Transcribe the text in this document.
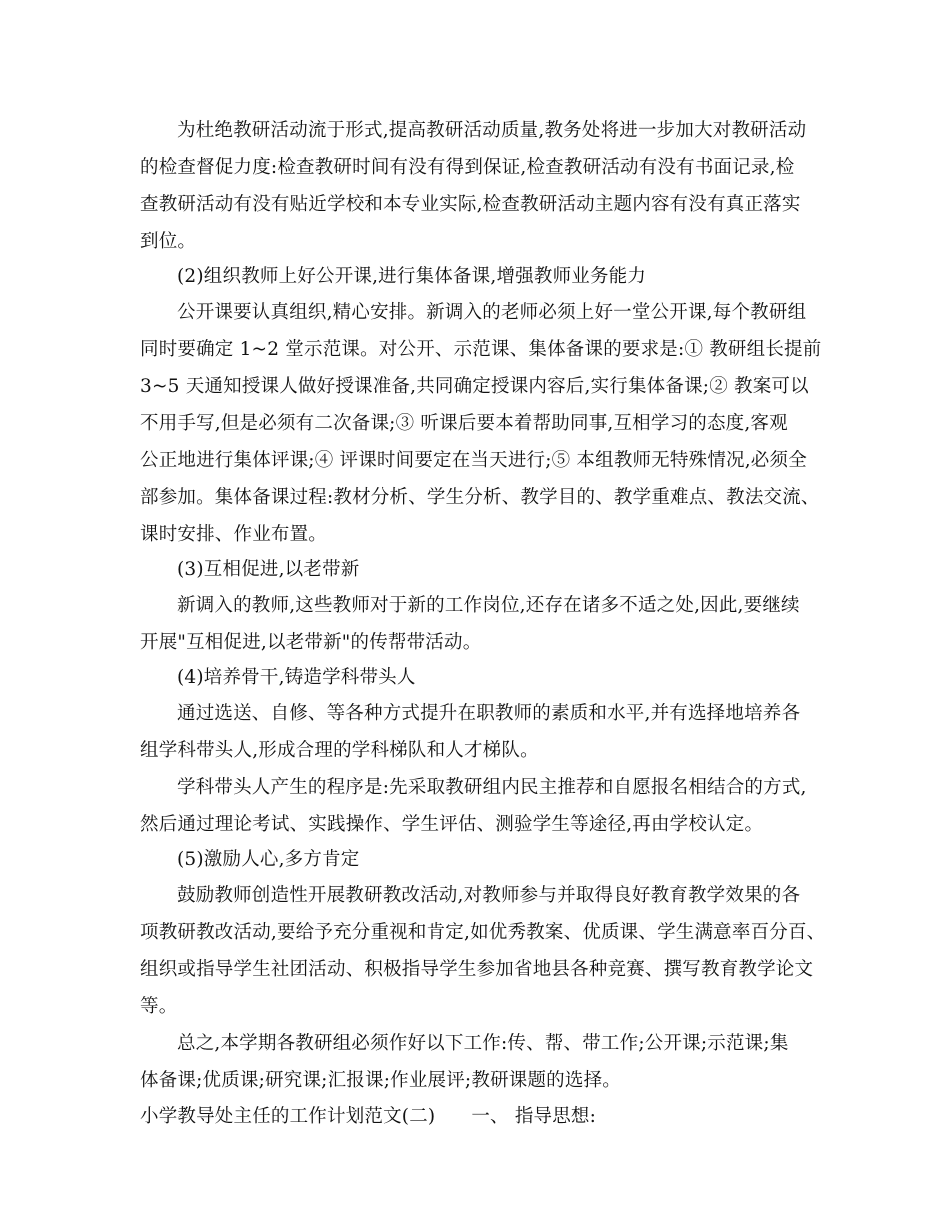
为杜绝教研活动流于形式,提高教研活动质量,教务处将进一步加大对教研活动
的检查督促力度:检查教研时间有没有得到保证,检查教研活动有没有书面记录,检
查教研活动有没有贴近学校和本专业实际,检查教研活动主题内容有没有真正落实
到位。
(2)组织教师上好公开课,进行集体备课,增强教师业务能力
公开课要认真组织,精心安排。新调入的老师必须上好一堂公开课,每个教研组
同时要确定 1~2 堂示范课。对公开、示范课、集体备课的要求是:① 教研组长提前
3~5 天通知授课人做好授课准备,共同确定授课内容后,实行集体备课;② 教案可以
不用手写,但是必须有二次备课;③ 听课后要本着帮助同事,互相学习的态度,客观
公正地进行集体评课;④ 评课时间要定在当天进行;⑤ 本组教师无特殊情况,必须全
部参加。集体备课过程:教材分析、学生分析、教学目的、教学重难点、教法交流、
课时安排、作业布置。
(3)互相促进,以老带新
新调入的教师,这些教师对于新的工作岗位,还存在诸多不适之处,因此,要继续
开展"互相促进,以老带新"的传帮带活动。
(4)培养骨干,铸造学科带头人
通过选送、自修、等各种方式提升在职教师的素质和水平,并有选择地培养各
组学科带头人,形成合理的学科梯队和人才梯队。
学科带头人产生的程序是:先采取教研组内民主推荐和自愿报名相结合的方式,
然后通过理论考试、实践操作、学生评估、测验学生等途径,再由学校认定。
(5)激励人心,多方肯定
鼓励教师创造性开展教研教改活动,对教师参与并取得良好教育教学效果的各
项教研教改活动,要给予充分重视和肯定,如优秀教案、优质课、学生满意率百分百、
组织或指导学生社团活动、积极指导学生参加省地县各种竞赛、撰写教育教学论文
等。
总之,本学期各教研组必须作好以下工作:传、帮、带工作;公开课;示范课;集
体备课;优质课;研究课;汇报课;作业展评;教研课题的选择。
小学教导处主任的工作计划范文(二) 一、 指导思想:
